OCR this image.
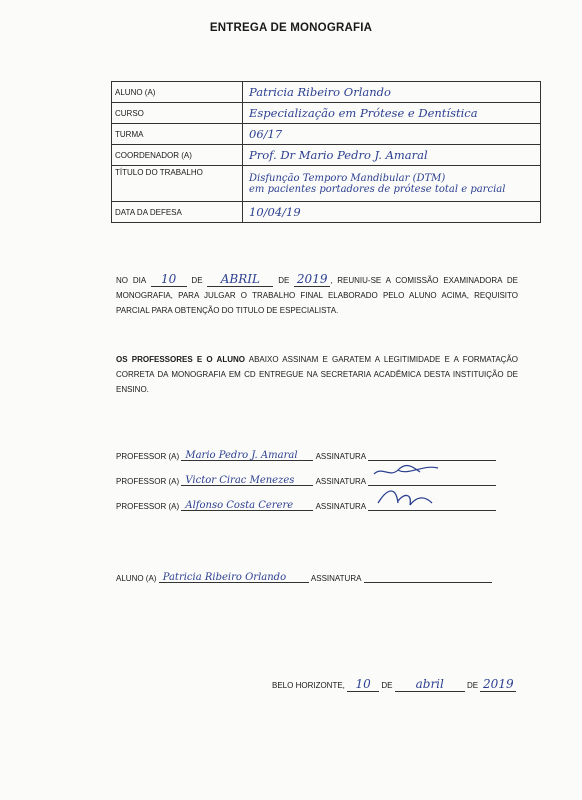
ENTREGA DE MONOGRAFIA
ALUNO (A)	Patricia Ribeiro Orlando
CURSO	Especialização em Prótese e Dentística
TURMA	06/17
COORDENADOR (A)	Prof. Dr Mario Pedro J. Amaral
TÍTULO DO TRABALHO	Disfunção Temporo Mandibular (DTM)
em pacientes portadores de prótese total e parcial

DATA DA DEFESA	10/04/19
NO DIA 10 DE ABRIL DE 2019 , REUNIU-SE A COMISSÃO EXAMINADORA DE MONOGRAFIA, PARA JULGAR O TRABALHO FINAL ELABORADO PELO ALUNO ACIMA, REQUISITO PARCIAL PARA OBTENÇÃO DO TITULO DE ESPECIALISTA.
OS PROFESSORES E O ALUNO ABAIXO ASSINAM E GARATEM A LEGITIMIDADE E A FORMATAÇÃO CORRETA DA MONOGRAFIA EM CD ENTREGUE NA SECRETARIA ACADÊMICA DESTA INSTITUIÇÃO DE ENSINO.
PROFESSOR (A) Mario Pedro J. Amaral ASSINATURA
PROFESSOR (A) Victor Cirac Menezes	ASSINATURA
PROFESSOR (A) Alfonso Costa Cerere	ASSINATURA
ALUNO (A) Patricia Ribeiro Orlando	ASSINATURA
BELO HORIZONTE, 10 DE abril	DE 2019
